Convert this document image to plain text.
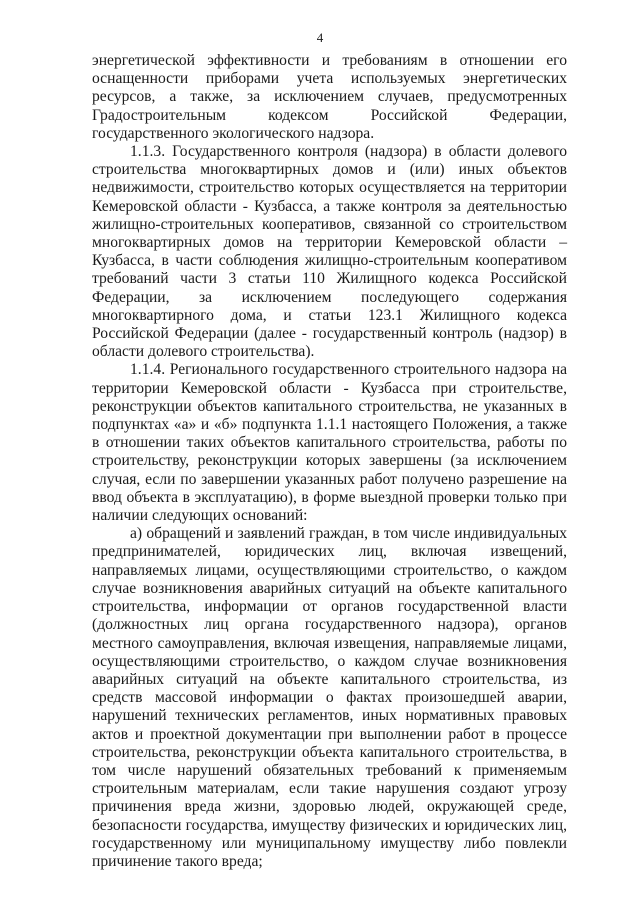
4

энергетической эффективности и требованиям в отношении его оснащенности приборами учета используемых энергетических ресурсов, а также, за исключением случаев, предусмотренных Градостроительным кодексом Российской Федерации, государственного экологического надзора.

1.1.3. Государственного контроля (надзора) в области долевого строительства многоквартирных домов и (или) иных объектов недвижимости, строительство которых осуществляется на территории Кемеровской области - Кузбасса, а также контроля за деятельностью жилищно-строительных кооперативов, связанной со строительством многоквартирных домов на территории Кемеровской области – Кузбасса, в части соблюдения жилищно-строительным кооперативом требований части 3 статьи 110 Жилищного кодекса Российской Федерации, за исключением последующего содержания многоквартирного дома, и статьи 123.1 Жилищного кодекса Российской Федерации (далее - государственный контроль (надзор) в области долевого строительства).

1.1.4. Регионального государственного строительного надзора на территории Кемеровской области - Кузбасса при строительстве, реконструкции объектов капитального строительства, не указанных в подпунктах «а» и «б» подпункта 1.1.1 настоящего Положения, а также в отношении таких объектов капитального строительства, работы по строительству, реконструкции которых завершены (за исключением случая, если по завершении указанных работ получено разрешение на ввод объекта в эксплуатацию), в форме выездной проверки только при наличии следующих оснований:

а) обращений и заявлений граждан, в том числе индивидуальных предпринимателей, юридических лиц, включая извещений, направляемых лицами, осуществляющими строительство, о каждом случае возникновения аварийных ситуаций на объекте капитального строительства, информации от органов государственной власти (должностных лиц органа государственного надзора), органов местного самоуправления, включая извещения, направляемые лицами, осуществляющими строительство, о каждом случае возникновения аварийных ситуаций на объекте капитального строительства, из средств массовой информации о фактах произошедшей аварии, нарушений технических регламентов, иных нормативных правовых актов и проектной документации при выполнении работ в процессе строительства, реконструкции объекта капитального строительства, в том числе нарушений обязательных требований к применяемым строительным материалам, если такие нарушения создают угрозу причинения вреда жизни, здоровью людей, окружающей среде, безопасности государства, имуществу физических и юридических лиц, государственному или муниципальному имуществу либо повлекли причинение такого вреда;
